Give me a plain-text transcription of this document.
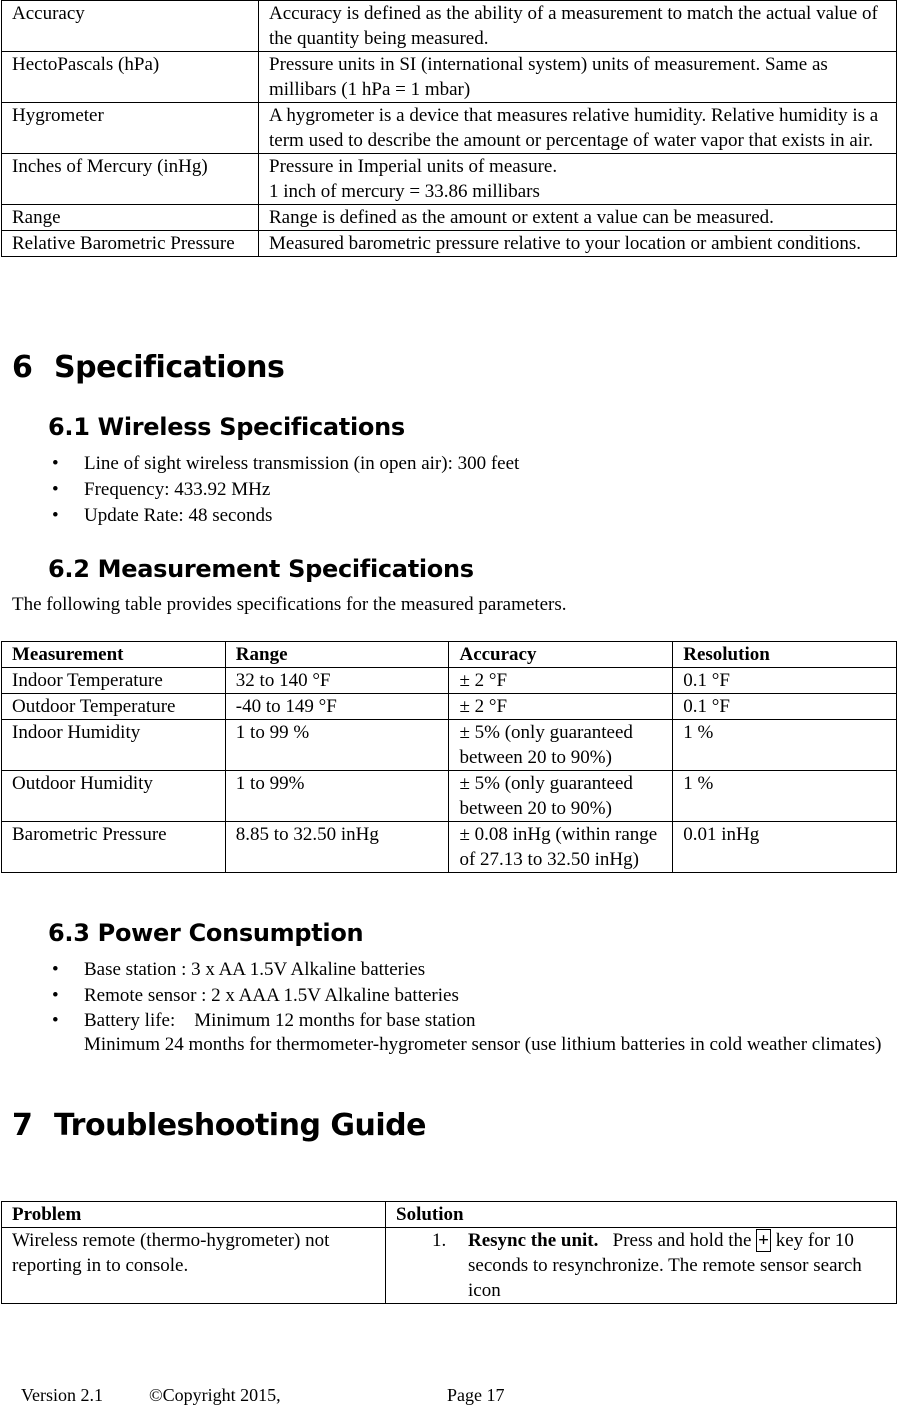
Accuracy	Accuracy is defined as the ability of a measurement to match the actual value of the quantity being measured.
HectoPascals (hPa)	Pressure units in SI (international system) units of measurement. Same as millibars (1 hPa = 1 mbar)
Hygrometer	A hygrometer is a device that measures relative humidity. Relative humidity is a term used to describe the amount or percentage of water vapor that exists in air.
Inches of Mercury (inHg)	Pressure in Imperial units of measure.
1 inch of mercury = 33.86 millibars

Range	Range is defined as the amount or extent a value can be measured.
Relative Barometric Pressure	Measured barometric pressure relative to your location or ambient conditions.
6 Specifications
6.1 Wireless Specifications
• Line of sight wireless transmission (in open air): 300 feet
• Frequency: 433.92 MHz
• Update Rate: 48 seconds
6.2 Measurement Specifications

The following table provides specifications for the measured parameters.

Measurement	Range	Accuracy	Resolution
Indoor Temperature	32 to 140 °F	± 2 °F	0.1 °F
Outdoor Temperature	-40 to 149 °F	± 2 °F	0.1 °F
Indoor Humidity	1 to 99 %	± 5% (only guaranteed between 20 to 90%)	1 %
Outdoor Humidity	1 to 99%	± 5% (only guaranteed between 20 to 90%)	1 %
Barometric Pressure	8.85 to 32.50 inHg	± 0.08 inHg (within range of 27.13 to 32.50 inHg)	0.01 inHg
6.3 Power Consumption
• Base station : 3 x AA 1.5V Alkaline batteries
• Remote sensor : 2 x AAA 1.5V Alkaline batteries
• Battery life:    Minimum 12 months for base station
Minimum 24 months for thermometer-hygrometer sensor (use lithium batteries in cold weather climates)
7 Troubleshooting Guide
Problem	Solution
Wireless remote (thermo-hygrometer) not reporting in to console.	1. Resync the unit.   Press and hold the + key for 10 seconds to resynchronize. The remote sensor search icon

Version 2.1	©Copyright 2015,	Page 17
